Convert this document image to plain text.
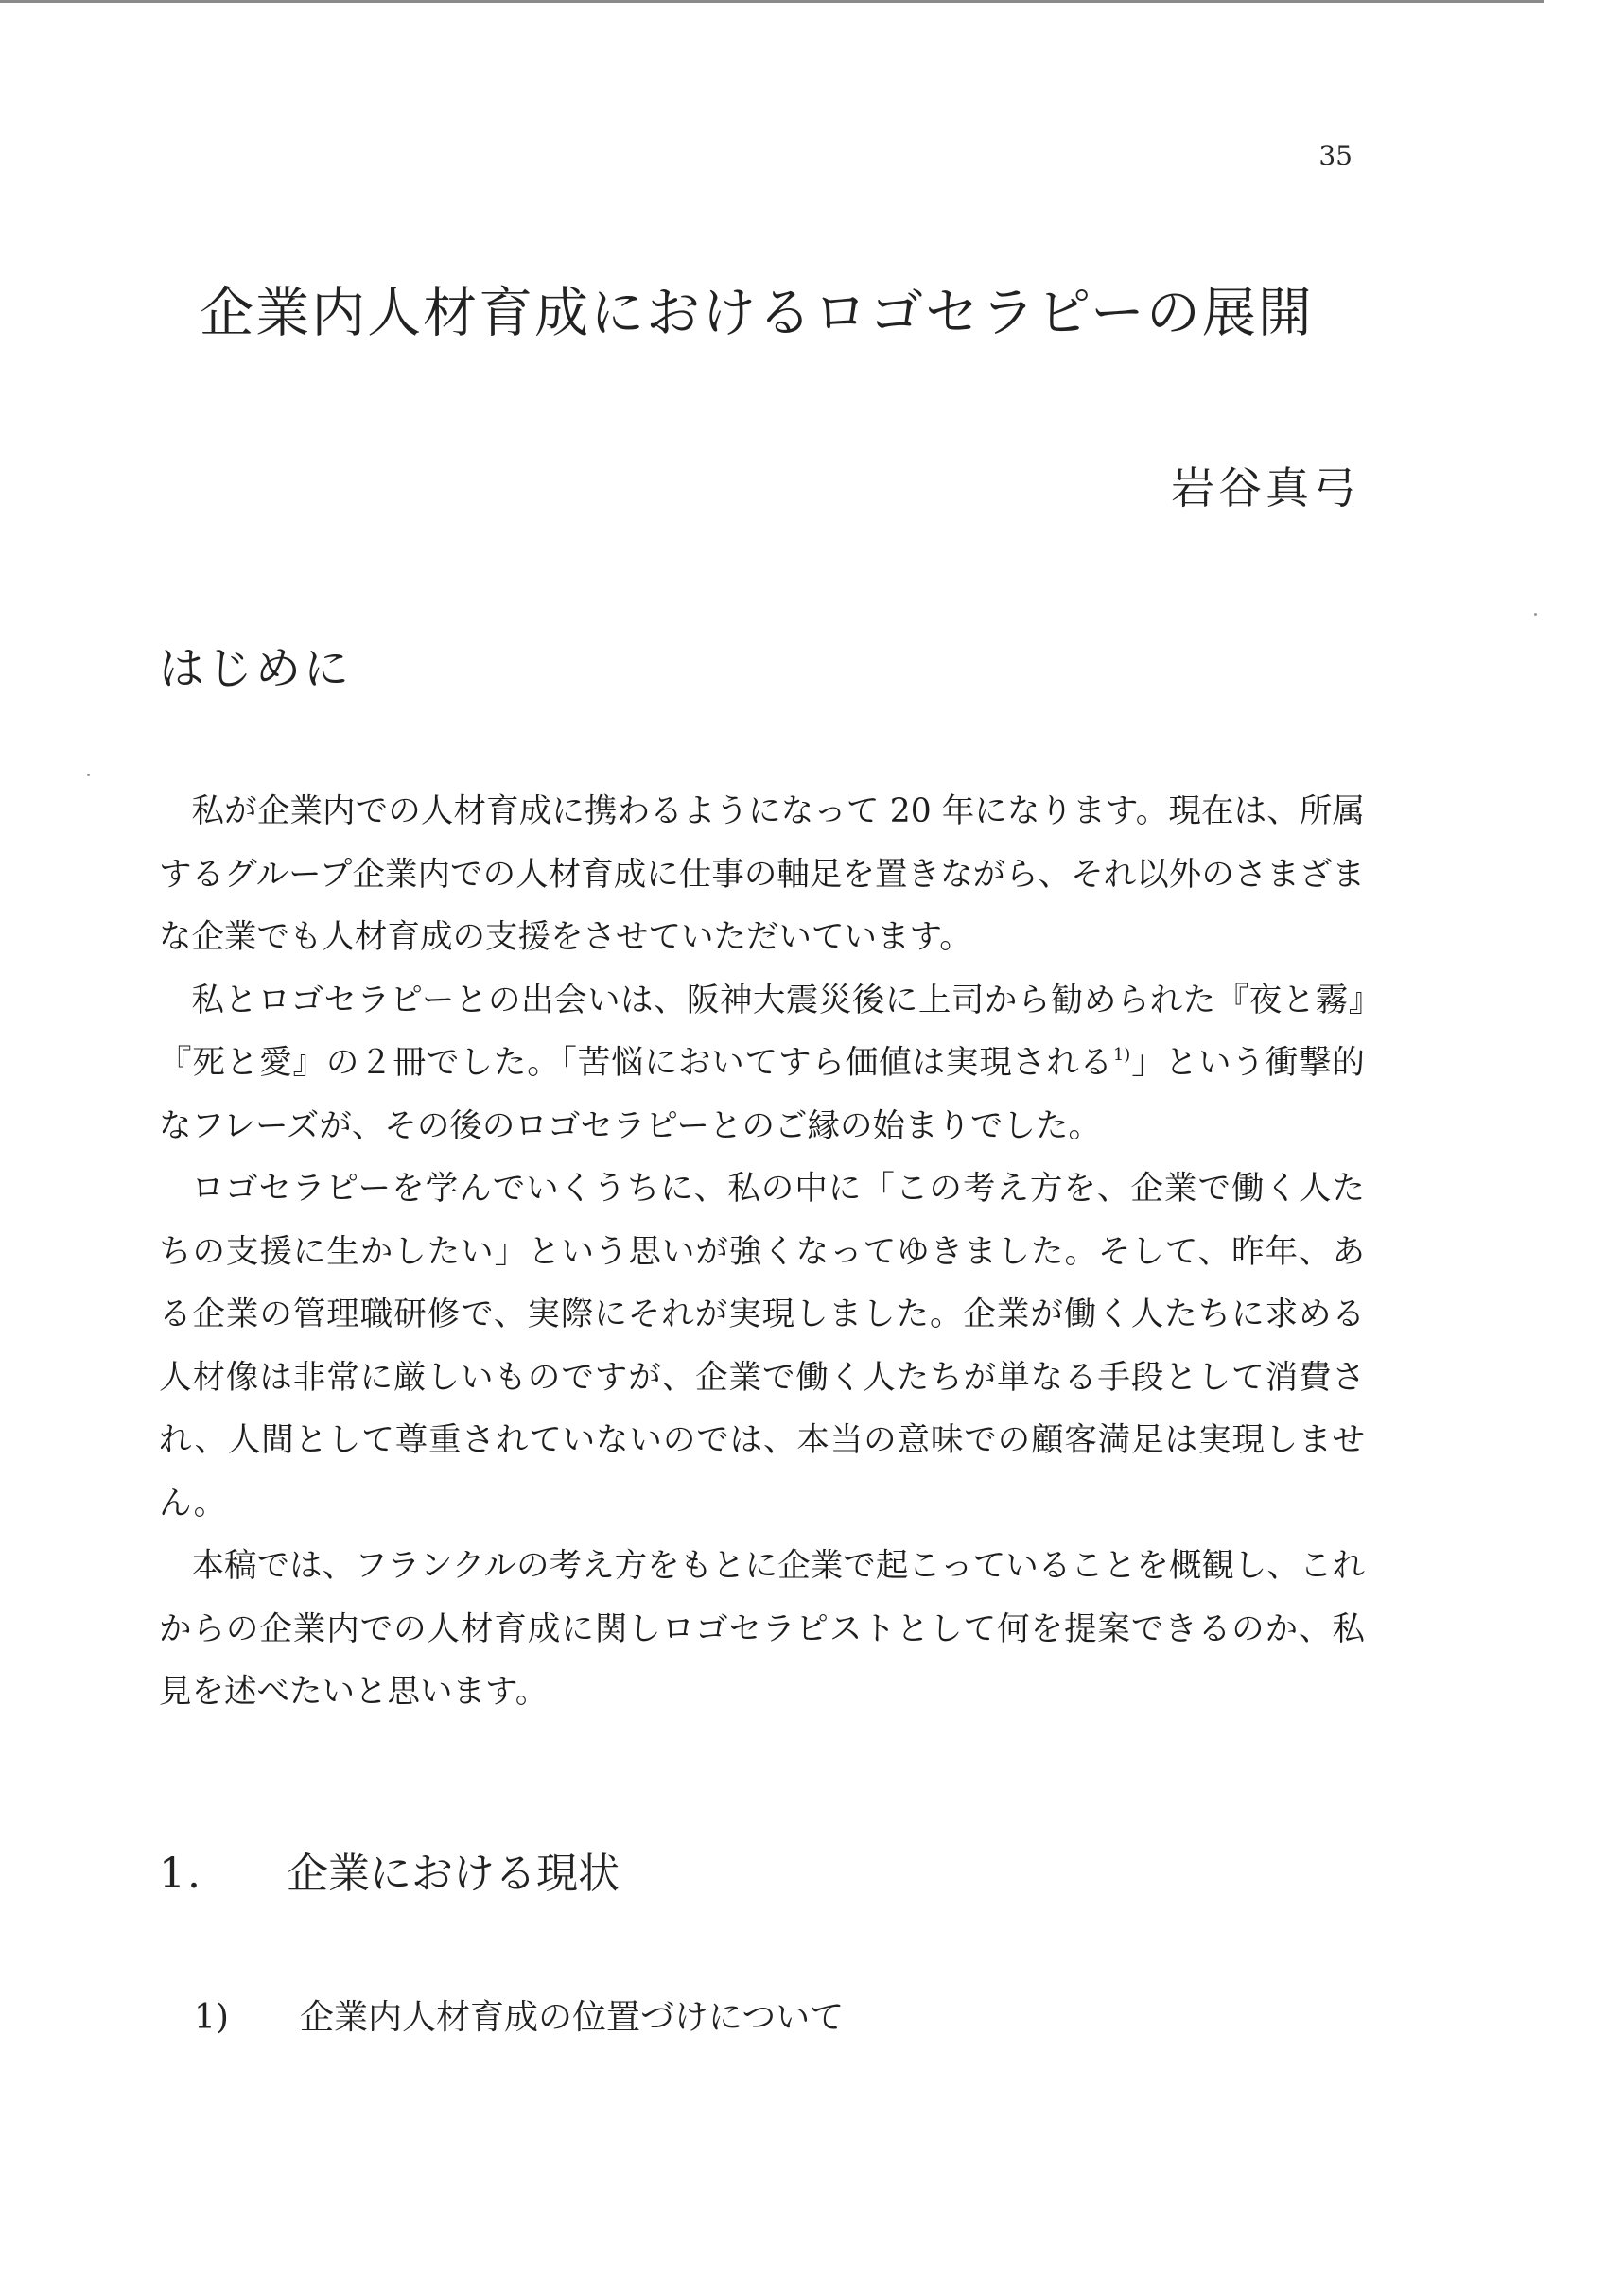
35
企業内人材育成におけるロゴセラピーの展開
岩谷真弓
はじめに

私が企業内での人材育成に携わるようになって 20 年になります。現在は、所属するグループ企業内での人材育成に仕事の軸足を置きながら、それ以外のさまざまな企業でも人材育成の支援をさせていただいています。

私とロゴセラピーとの出会いは、阪神大震災後に上司から勧められた『夜と霧』『死と愛』の２冊でした。「苦悩においてすら価値は実現される$^{1)}$」という衝撃的なフレーズが、その後のロゴセラピーとのご縁の始まりでした。

ロゴセラピーを学んでいくうちに、私の中に「この考え方を、企業で働く人たちの支援に生かしたい」という思いが強くなってゆきました。そして、昨年、ある企業の管理職研修で、実際にそれが実現しました。企業が働く人たちに求める人材像は非常に厳しいものですが、企業で働く人たちが単なる手段として消費され、人間として尊重されていないのでは、本当の意味での顧客満足は実現しません。

本稿では、フランクルの考え方をもとに企業で起こっていることを概観し、これからの企業内での人材育成に関しロゴセラピストとして何を提案できるのか、私見を述べたいと思います。

1. 企業における現状
1) 企業内人材育成の位置づけについて
